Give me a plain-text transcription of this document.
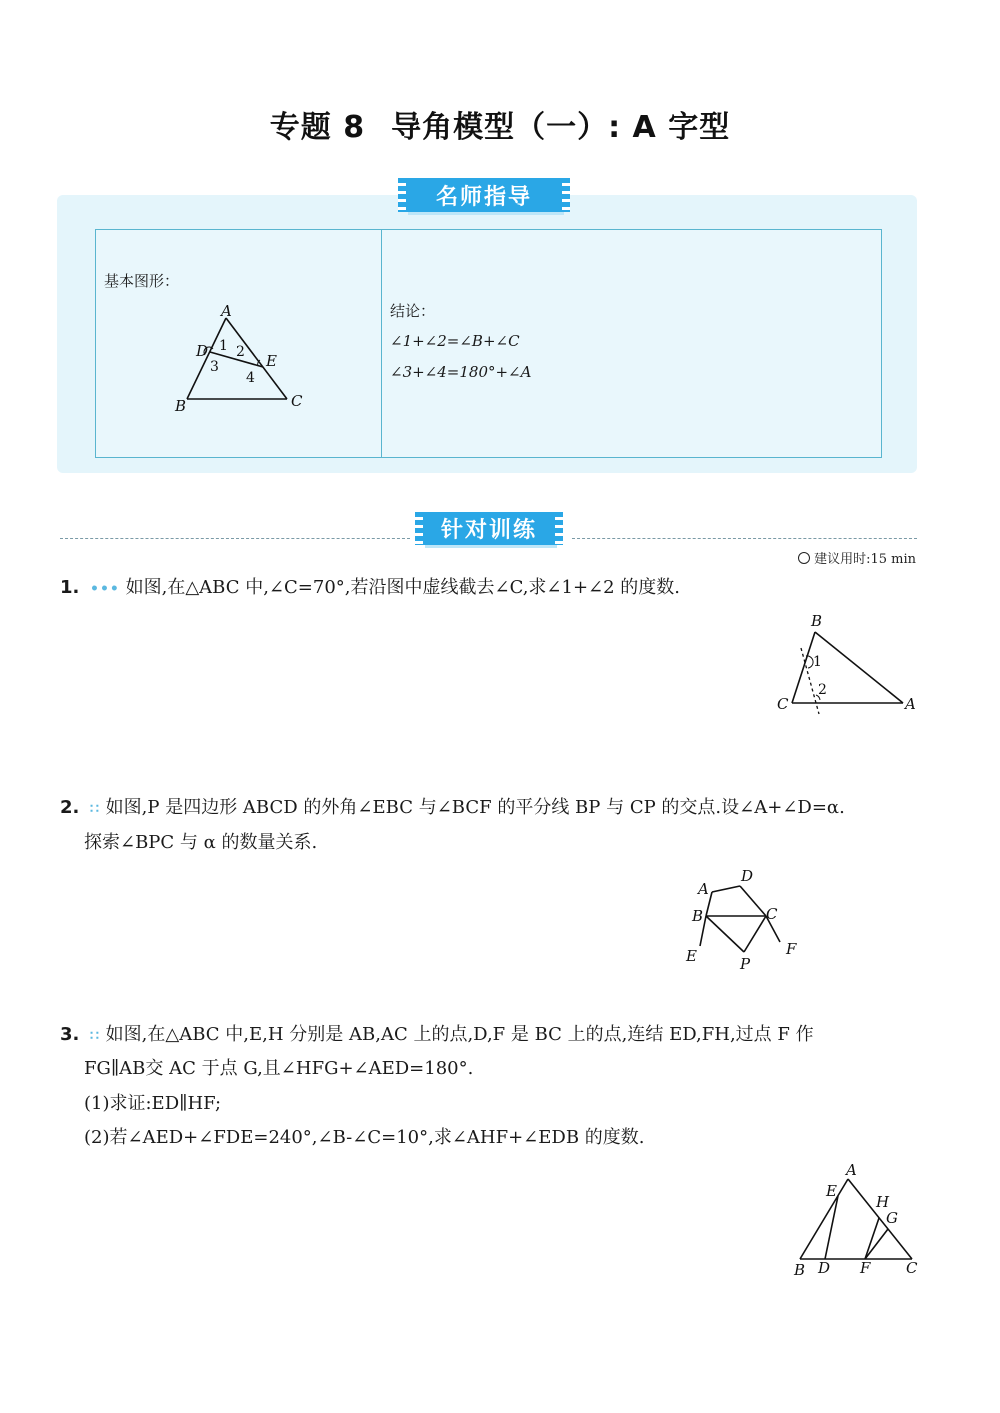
专题 8 导角模型（一）: A 字型
名师指导
基本图形：
A
B	C
D
E
1 2
3
4
结论：
∠1+∠2=∠B+∠C
∠3+∠4=180°+∠A
针对训练
建议用时:15 min
1. ••• 如图,在△ABC 中,∠C=70°,若沿图中虚线截去∠C,求∠1+∠2 的度数.
B
C	A
1
2
2. ∷ 如图,P 是四边形 ABCD 的外角∠EBC 与∠BCF 的平分线 BP 与 CP 的交点.设∠A+∠D=α.
探索∠BPC 与 α 的数量关系.
A
D
B	C
E	F
P
3. ∷ 如图,在△ABC 中,E,H 分别是 AB,AC 上的点,D,F 是 BC 上的点,连结 ED,FH,过点 F 作
FG∥AB交 AC 于点 G,且∠HFG+∠AED=180°.
(1)求证:ED∥HF;
(2)若∠AED+∠FDE=240°,∠B-∠C=10°,求∠AHF+∠EDB 的度数.
A
E
H
G
B D F C
